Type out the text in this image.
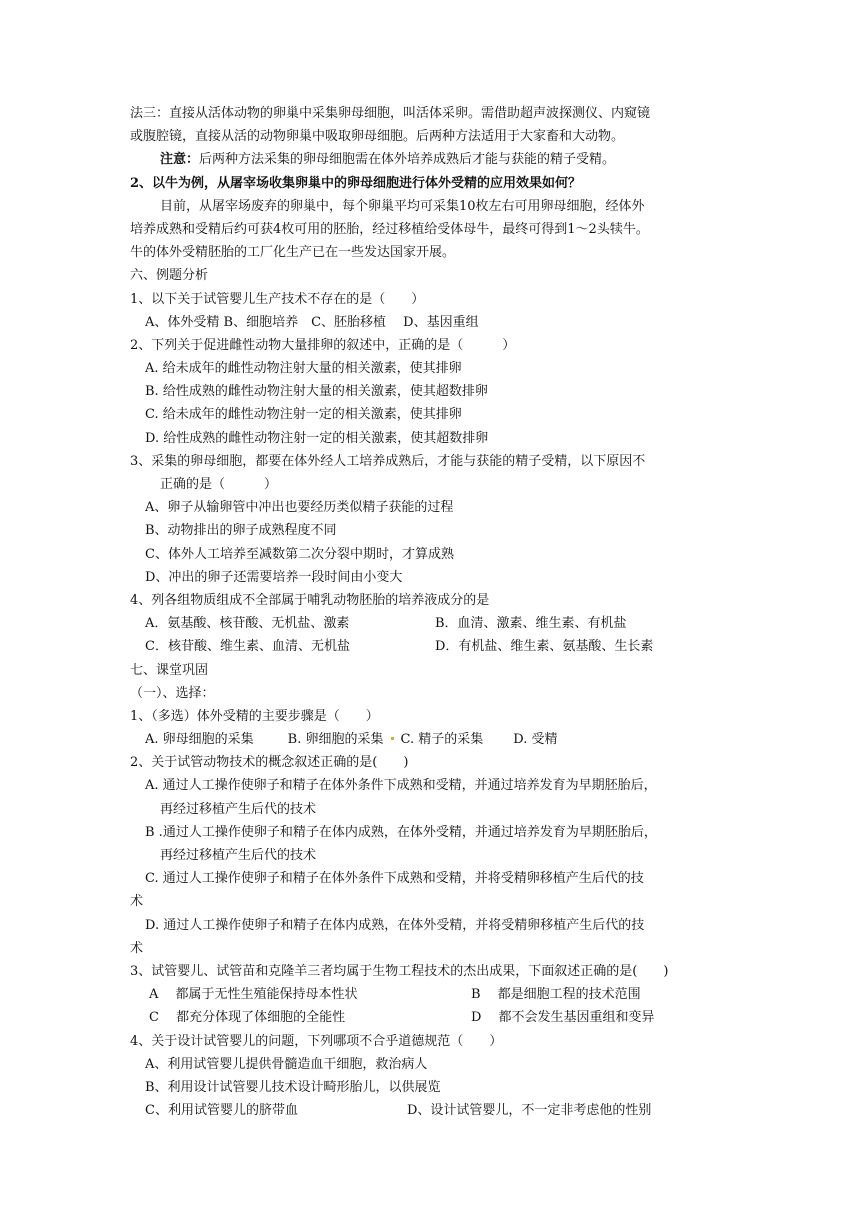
法三：直接从活体动物的卵巢中采集卵母细胞，叫活体采卵。需借助超声波探测仪、内窥镜
或腹腔镜，直接从活的动物卵巢中吸取卵母细胞。后两种方法适用于大家畜和大动物。
注意：后两种方法采集的卵母细胞需在体外培养成熟后才能与获能的精子受精。
2、以牛为例，从屠宰场收集卵巢中的卵母细胞进行体外受精的应用效果如何？
目前，从屠宰场废弃的卵巢中，每个卵巢平均可采集10枚左右可用卵母细胞，经体外
培养成熟和受精后约可获4枚可用的胚胎，经过移植给受体母牛，最终可得到1～2头犊牛。
牛的体外受精胚胎的工厂化生产已在一些发达国家开展。
六、例题分析
1、以下关于试管婴儿生产技术不存在的是（　　）
A、体外受精 B、细胞培养　C、胚胎移植　 D、基因重组
2、下列关于促进雌性动物大量排卵的叙述中，正确的是（　　　）
A. 给未成年的雌性动物注射大量的相关激素，使其排卵
B. 给性成熟的雌性动物注射大量的相关激素，使其超数排卵
C. 给未成年的雌性动物注射一定的相关激素，使其排卵
D. 给性成熟的雌性动物注射一定的相关激素，使其超数排卵
3、采集的卵母细胞，都要在体外经人工培养成熟后，才能与获能的精子受精，以下原因不
正确的是（　　　）
A、卵子从输卵管中冲出也要经历类似精子获能的过程
B、动物排出的卵子成熟程度不同
C、体外人工培养至减数第二次分裂中期时，才算成熟
D、冲出的卵子还需要培养一段时间由小变大
4、列各组物质组成不全部属于哺乳动物胚胎的培养液成分的是
A．氨基酸、核苷酸、无机盐、激素	B．血清、激素、维生素、有机盐
C．核苷酸、维生素、血清、无机盐	D．有机盐、维生素、氨基酸、生长素
七、课堂巩固
（一）、选择：
1、（多选）体外受精的主要步骤是（　　）
A. 卵母细胞的采集	B. 卵细胞的采集 C. 精子的采集 D. 受精
2、关于试管动物技术的概念叙述正确的是(　　)
A. 通过人工操作使卵子和精子在体外条件下成熟和受精，并通过培养发育为早期胚胎后，
再经过移植产生后代的技术
B .通过人工操作使卵子和精子在体内成熟，在体外受精，并通过培养发育为早期胚胎后，
再经过移植产生后代的技术
C. 通过人工操作使卵子和精子在体外条件下成熟和受精，并将受精卵移植产生后代的技
术
D. 通过人工操作使卵子和精子在体内成熟，在体外受精，并将受精卵移植产生后代的技
术
3、试管婴儿、试管苗和克隆羊三者均属于生物工程技术的杰出成果，下面叙述正确的是(　　)
A　 都属于无性生殖能保持母本性状	B　 都是细胞工程的技术范围
C　 都充分体现了体细胞的全能性	D　 都不会发生基因重组和变异
4、关于设计试管婴儿的问题，下列哪项不合乎道德规范（　　）
A、利用试管婴儿提供骨髓造血干细胞，救治病人
B、利用设计试管婴儿技术设计畸形胎儿，以供展览
C、利用试管婴儿的脐带血	D、设计试管婴儿，不一定非考虑他的性别
